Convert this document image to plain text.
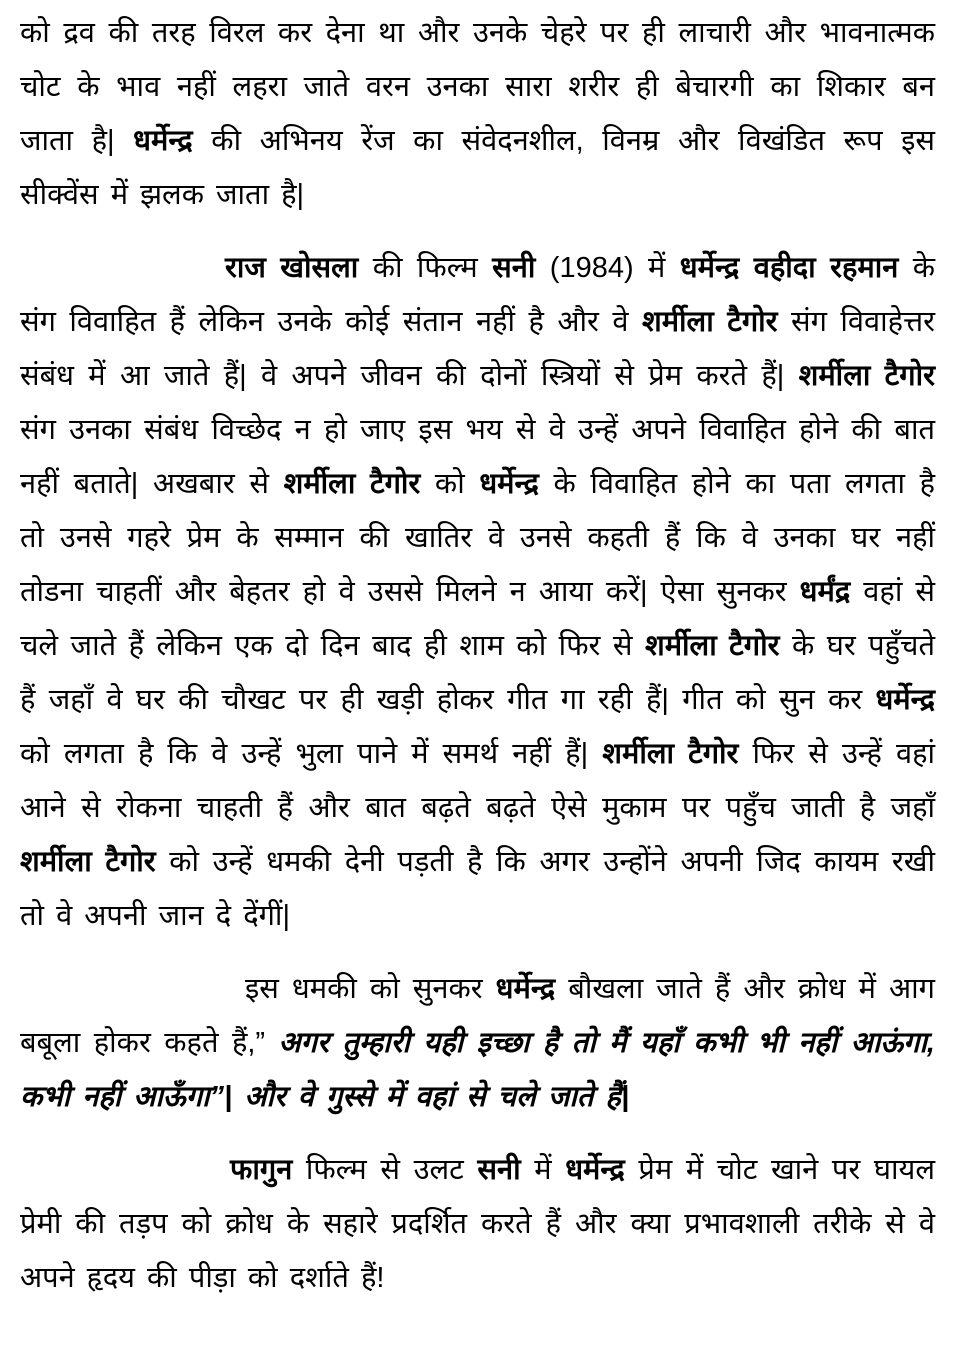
को द्रव की तरह विरल कर देना था और उनके चेहरे पर ही लाचारी और भावनात्मक चोट के भाव नहीं लहरा जाते वरन उनका सारा शरीर ही बेचारगी का शिकार बन जाता है| धर्मेन्द्र की अभिनय रेंज का संवेदनशील, विनम्र और विखंडित रूप इस सीक्वेंस में झलक जाता है|

राज खोसला की फिल्म सनी (1984) में धर्मेन्द्र वहीदा रहमान के संग विवाहित हैं लेकिन उनके कोई संतान नहीं है और वे शर्मीला टैगोर संग विवाहेत्तर संबंध में आ जाते हैं| वे अपने जीवन की दोनों स्त्रियों से प्रेम करते हैं| शर्मीला टैगोर संग उनका संबंध विच्छेद न हो जाए इस भय से वे उन्हें अपने विवाहित होने की बात नहीं बताते| अखबार से शर्मीला टैगोर को धर्मेन्द्र के विवाहित होने का पता लगता है तो उनसे गहरे प्रेम के सम्मान की खातिर वे उनसे कहती हैं कि वे उनका घर नहीं तोडना चाहतीं और बेहतर हो वे उससे मिलने न आया करें| ऐसा सुनकर धर्मंद्र वहां से चले जाते हैं लेकिन एक दो दिन बाद ही शाम को फिर से शर्मीला टैगोर के घर पहुँचते हैं जहाँ वे घर की चौखट पर ही खड़ी होकर गीत गा रही हैं| गीत को सुन कर धर्मेन्द्र को लगता है कि वे उन्हें भुला पाने में समर्थ नहीं हैं| शर्मीला टैगोर फिर से उन्हें वहां आने से रोकना चाहती हैं और बात बढ़ते बढ़ते ऐसे मुकाम पर पहुँच जाती है जहाँ शर्मीला टैगोर को उन्हें धमकी देनी पड़ती है कि अगर उन्होंने अपनी जिद कायम रखी तो वे अपनी जान दे देंगीं|

इस धमकी को सुनकर धर्मेन्द्र बौखला जाते हैं और क्रोध में आग बबूला होकर कहते हैं,” अगर तुम्हारी यही इच्छा है तो मैं यहाँ कभी भी नहीं आऊंगा, कभी नहीं आऊँगा”| और वे गुस्से में वहां से चले जाते हैं|

फागुन फिल्म से उलट सनी में धर्मेन्द्र प्रेम में चोट खाने पर घायल प्रेमी की तड़प को क्रोध के सहारे प्रदर्शित करते हैं और क्या प्रभावशाली तरीके से वे अपने हृदय की पीड़ा को दर्शाते हैं!
